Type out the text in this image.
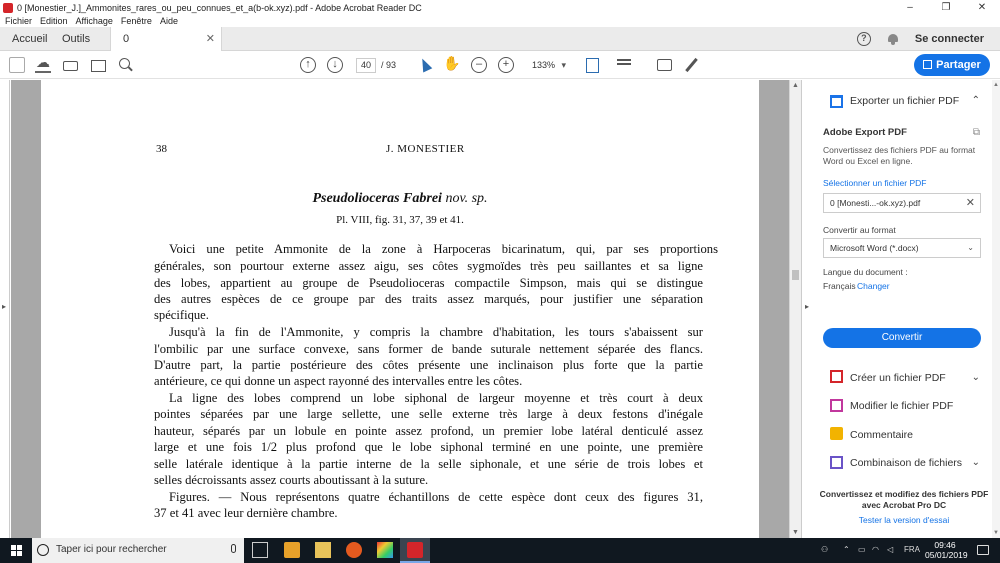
0 [Monestier_J.]_Ammonites_rares_ou_peu_connues_et_a(b-ok.xyz).pdf - Adobe Acrobat Reader DC	–	❐	✕
Fichier Edition Affichage Fenêtre Aide
Accueil Outils	0	✕	?	Se connecter
☁
↑	↓	40	/ 93
✋	–	+	133% ▾	Partager
▸
38	J. MONESTIER
Pseudolioceras Fabrei nov. sp.
Pl. VIII, fig. 31, 37, 39 et 41.
Voici une petite Ammonite de la zone à Harpoceras bicarinatum, qui, par ses proportions
générales, son pourtour externe assez aigu, ses côtes sygmoïdes très peu saillantes et sa ligne
des lobes, appartient au groupe de Pseudolioceras compactile Simpson, mais qui se distingue
des autres espèces de ce groupe par des traits assez marqués, pour justifier une séparation
spécifique.
Jusqu'à la fin de l'Ammonite, y compris la chambre d'habitation, les tours s'abaissent sur
l'ombilic par une surface convexe, sans former de bande suturale nettement séparée des flancs.
D'autre part, la partie postérieure des côtes présente une inclinaison plus forte que la partie
antérieure, ce qui donne un aspect rayonné des intervalles entre les côtes.
La ligne des lobes comprend un lobe siphonal de largeur moyenne et très court à deux
pointes séparées par une large sellette, une selle externe très large à deux festons d'inégale
hauteur, séparés par un lobule en pointe assez profond, un premier lobe latéral denticulé assez
large et une fois 1/2 plus profond que le lobe siphonal terminé en une pointe, une première
selle latérale identique à la partie interne de la selle siphonale, et une série de trois lobes et
selles décroissants assez courts aboutissant à la suture.
Figures. — Nous représentons quatre échantillons de cette espèce dont ceux des figures 31,
37 et 41 avec leur dernière chambre.
▲
▼
▸
Exporter un fichier PDF ⌃
Adobe Export PDF	⧉
Convertissez des fichiers PDF au format Word ou Excel en ligne.
Sélectionner un fichier PDF
0 [Monesti...-ok.xyz).pdf	✕
Convertir au format
Microsoft Word (*.docx)	⌄
Langue du document :
Français Changer
Convertir
Créer un fichier PDF	⌄
Modifier le fichier PDF
Commentaire
Combinaison de fichiers ⌄
Convertissez et modifiez des fichiers PDF avec Acrobat Pro DC
Tester la version d'essai
▲
▼
Taper ici pour rechercher	⚇ ⌃ ▭ ◠ ◁ FRA	09:46
05/01/2019
